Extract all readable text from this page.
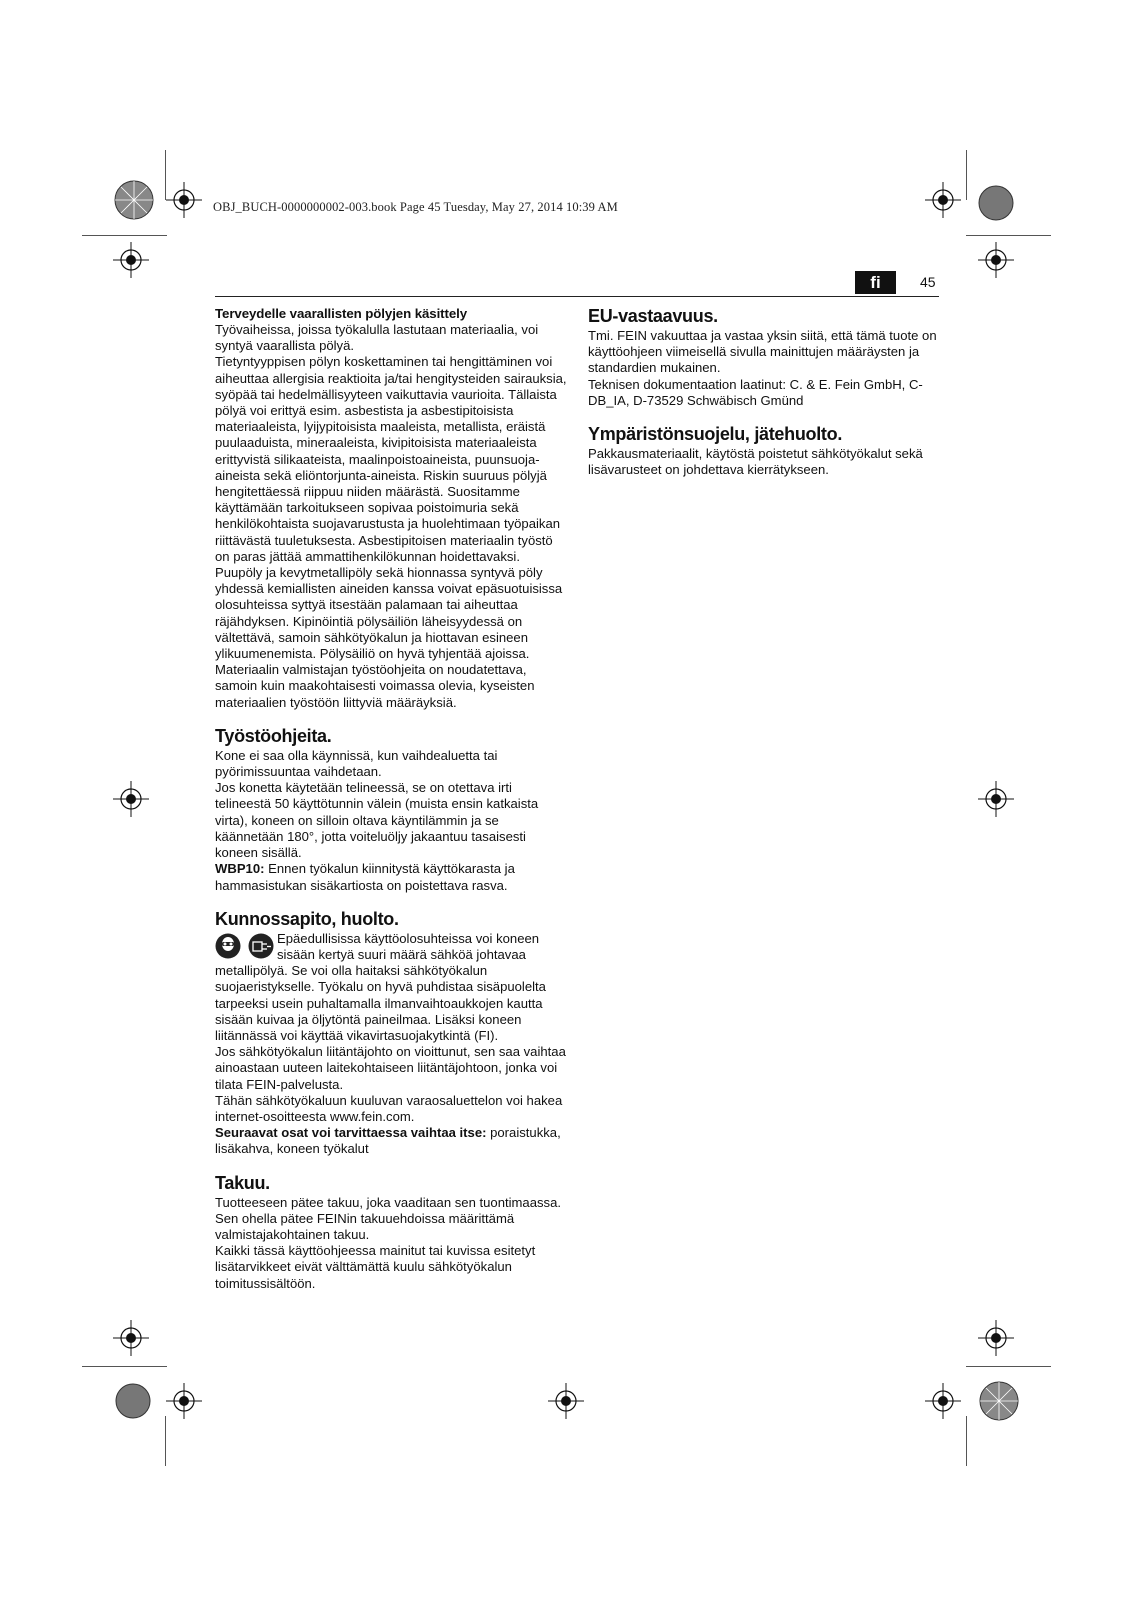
OBJ_BUCH-0000000002-003.book Page 45 Tuesday, May 27, 2014 10:39 AM
fi	45
Terveydelle vaarallisten pölyjen käsittely

Työvaiheissa, joissa työkalulla lastutaan materiaalia, voi syntyä vaarallista pölyä.

Tietyntyyppisen pölyn koskettaminen tai hengittäminen voi aiheuttaa allergisia reaktioita ja/tai hengitysteiden sairauksia, syöpää tai hedelmällisyyteen vaikuttavia vaurioita. Tällaista pölyä voi erittyä esim. asbestista ja asbestipitoisista materiaaleista, lyijypitoisista maaleista, metallista, eräistä puulaaduista, mineraaleista, kivipitoisista materiaaleista erittyvistä silikaateista, maalinpoistoaineista, puunsuoja-aineista sekä eliöntorjunta-aineista. Riskin suuruus pölyjä hengitettäessä riippuu niiden määrästä. Suositamme käyttämään tarkoitukseen sopivaa poistoimuria sekä henkilökohtaista suojavarustusta ja huolehtimaan työpaikan riittävästä tuuletuksesta. Asbestipitoisen materiaalin työstö on paras jättää ammattihenkilökunnan hoidettavaksi.

Puupöly ja kevytmetallipöly sekä hionnassa syntyvä pöly yhdessä kemiallisten aineiden kanssa voivat epäsuotuisissa olosuhteissa syttyä itsestään palamaan tai aiheuttaa räjähdyksen. Kipinöintiä pölysäiliön läheisyydessä on vältettävä, samoin sähkötyökalun ja hiottavan esineen ylikuumenemista. Pölysäiliö on hyvä tyhjentää ajoissa.

Materiaalin valmistajan työstöohjeita on noudatettava, samoin kuin maakohtaisesti voimassa olevia, kyseisten materiaalien työstöön liittyviä määräyksiä.

Työstöohjeita.

Kone ei saa olla käynnissä, kun vaihdealuetta tai pyörimissuuntaa vaihdetaan.

Jos konetta käytetään telineessä, se on otettava irti telineestä 50 käyttötunnin välein (muista ensin katkaista virta), koneen on silloin oltava käyntilämmin ja se käännetään 180°, jotta voiteluöljy jakaantuu tasaisesti koneen sisällä.

WBP10: Ennen työkalun kiinnitystä käyttökarasta ja hammasistukan sisäkartiosta on poistettava rasva.

Kunnossapito, huolto.

Epäedullisissa käyttöolosuhteissa voi koneen sisään kertyä suuri määrä sähköä johtavaa metallipölyä. Se voi olla haitaksi sähkötyökalun suojaeristykselle. Työkalu on hyvä puhdistaa sisäpuolelta tarpeeksi usein puhaltamalla ilmanvaihtoaukkojen kautta sisään kuivaa ja öljytöntä paineilmaa. Lisäksi koneen liitännässä voi käyttää vikavirtasuojakytkintä (FI).

Jos sähkötyökalun liitäntäjohto on vioittunut, sen saa vaihtaa ainoastaan uuteen laitekohtaiseen liitäntäjohtoon, jonka voi tilata FEIN-palvelusta.

Tähän sähkötyökaluun kuuluvan varaosaluettelon voi hakea internet-osoitteesta www.fein.com.

Seuraavat osat voi tarvittaessa vaihtaa itse: poraistukka, lisäkahva, koneen työkalut

Takuu.

Tuotteeseen pätee takuu, joka vaaditaan sen tuontimaassa. Sen ohella pätee FEINin takuuehdoissa määrittämä valmistajakohtainen takuu.

Kaikki tässä käyttöohjeessa mainitut tai kuvissa esitetyt lisätarvikkeet eivät välttämättä kuulu sähkötyökalun toimitussisältöön.

EU-vastaavuus.

Tmi. FEIN vakuuttaa ja vastaa yksin siitä, että tämä tuote on käyttöohjeen viimeisellä sivulla mainittujen määräysten ja standardien mukainen.

Teknisen dokumentaation laatinut: C. & E. Fein GmbH, C-DB_IA, D-73529 Schwäbisch Gmünd

Ympäristönsuojelu, jätehuolto.

Pakkausmateriaalit, käytöstä poistetut sähkötyökalut sekä lisävarusteet on johdettava kierrätykseen.
